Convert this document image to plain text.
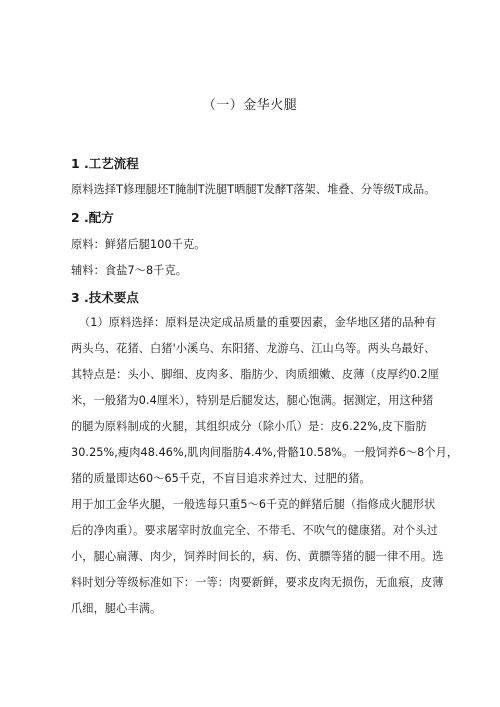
（一）金华火腿
1 .工艺流程
原料选择T修理腿坯T腌制T洗腿T晒腿T发酵T落架、堆叠、分等级T成品。
2 .配方
原料：鲜猪后腿100千克。
辅料：食盐7～8千克。
3 .技术要点
（1）原料选择：原料是决定成品质量的重要因素，金华地区猪的品种有
两头乌、花猪、白猪'小溪乌、东阳猪、龙游乌、江山乌等。两头乌最好、
其特点是：头小、脚细、皮肉多、脂肪少、肉质细嫩、皮薄（皮厚约0.2厘
米，一般猪为0.4厘米），特别是后腿发达，腿心饱满。据测定，用这种猪
的腿为原料制成的火腿，其组织成分（除小爪）是：皮6.22%,皮下脂肪
30.25%,瘦肉48.46%,肌肉间脂肪4.4%,骨骼10.58%。一般饲养6～8个月，
猪的质量即达60～65千克，不盲目追求养过大、过肥的猪。
用于加工金华火腿，一般选每只重5～6千克的鲜猪后腿（指修成火腿形状
后的净肉重）。要求屠宰时放血完全、不带毛、不吹气的健康猪。对个头过
小，腿心扁薄、肉少，饲养时间长的，病、伤、黄膘等猪的腿一律不用。选
料时划分等级标准如下：一等：肉要新鲜，要求皮肉无损伤，无血痕，皮薄
爪细，腿心丰满。
